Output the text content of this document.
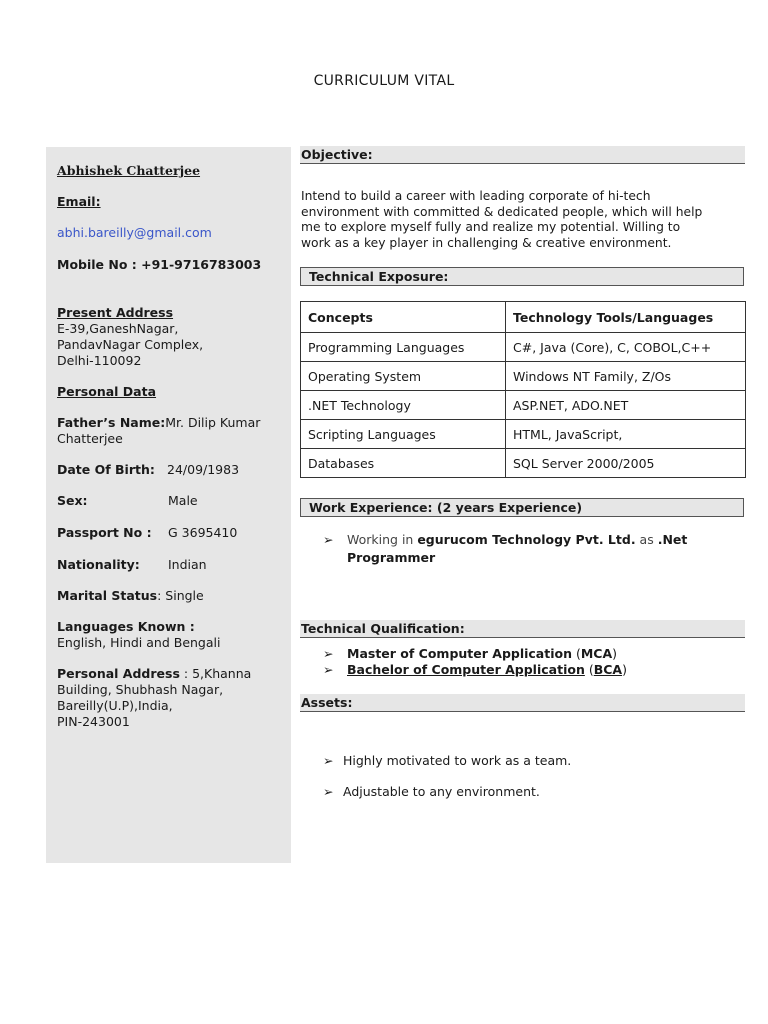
CURRICULUM VITAL
Abhishek Chatterjee
Email:
abhi.bareilly@gmail.com
Mobile No : +91-9716783003
Present Address
E-39,GaneshNagar,
PandavNagar Complex,
Delhi-110092
Personal Data
Father’s Name:Mr. Dilip Kumar
Chatterjee
Date Of Birth: 24/09/1983
Sex:	Male
Passport No : G 3695410
Nationality: Indian
Marital Status: Single
Languages Known :
English, Hindi and Bengali
Personal Address : 5,Khanna
Building, Shubhash Nagar,
Bareilly(U.P),India,
PIN-243001
Objective:
Intend to build a career with leading corporate of hi-tech
environment with committed & dedicated people, which will help
me to explore myself fully and realize my potential. Willing to
work as a key player in challenging & creative environment.
Technical Exposure:
Concepts	Technology Tools/Languages
Programming Languages	C#, Java (Core), C, COBOL,C++
Operating System	Windows NT Family, Z/Os
.NET Technology	ASP.NET, ADO.NET
Scripting Languages	HTML, JavaScript,
Databases	SQL Server 2000/2005
Work Experience: (2 years Experience)
➢ Working in egurucom Technology Pvt. Ltd. as .Net
Programmer
Technical Qualification:
➢ Master of Computer Application (MCA)
➢ Bachelor of Computer Application (BCA)
Assets:
➢ Highly motivated to work as a team.
➢ Adjustable to any environment.
